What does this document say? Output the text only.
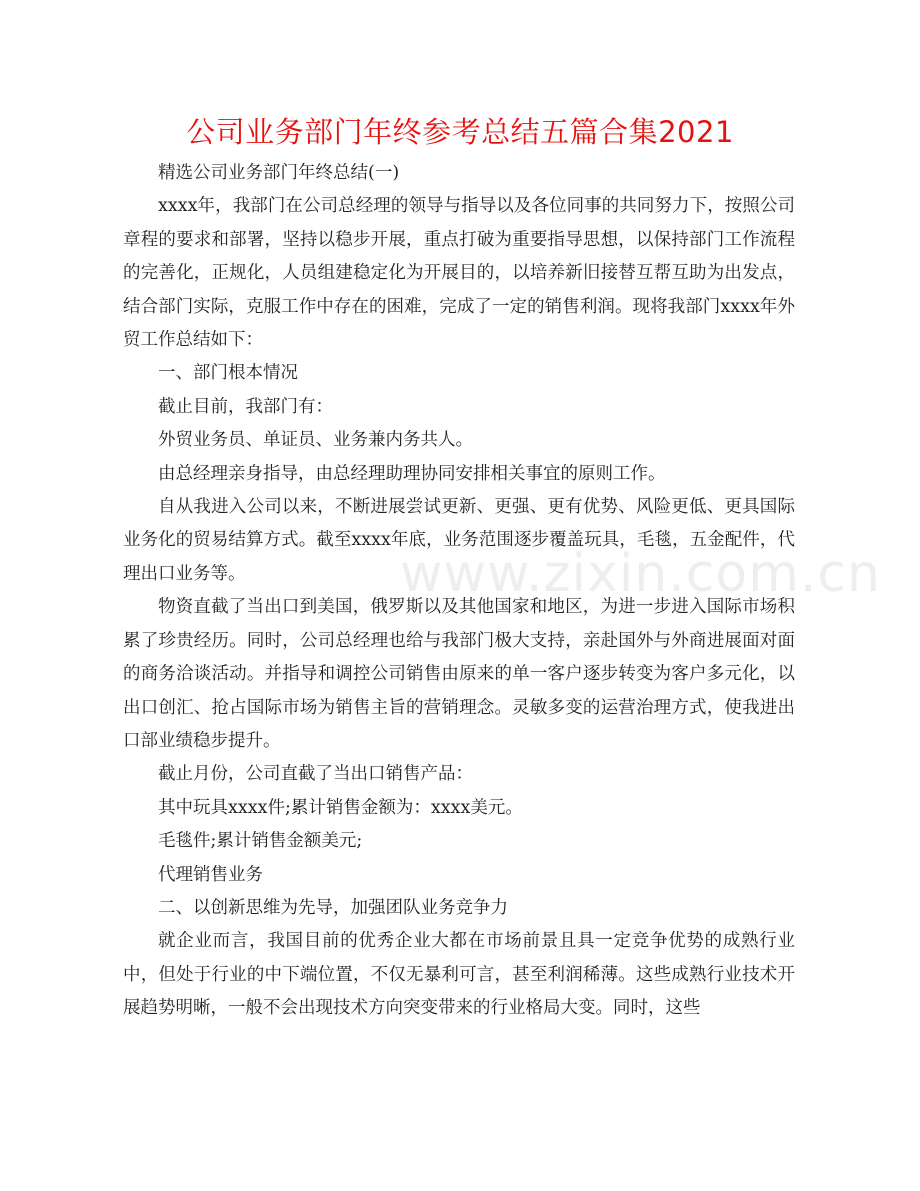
公司业务部门年终参考总结五篇合集2021

精选公司业务部门年终总结(一)

xxxx年，我部门在公司总经理的领导与指导以及各位同事的共同努力下，按照公司章程的要求和部署，坚持以稳步开展，重点打破为重要指导思想，以保持部门工作流程的完善化，正规化，人员组建稳定化为开展目的，以培养新旧接替互帮互助为出发点，结合部门实际，克服工作中存在的困难，完成了一定的销售利润。现将我部门xxxx年外贸工作总结如下：

一、部门根本情况

截止目前，我部门有：

外贸业务员、单证员、业务兼内务共人。

由总经理亲身指导，由总经理助理协同安排相关事宜的原则工作。

自从我进入公司以来，不断进展尝试更新、更强、更有优势、风险更低、更具国际业务化的贸易结算方式。截至xxxx年底，业务范围逐步覆盖玩具，毛毯，五金配件，代理出口业务等。

物资直截了当出口到美国，俄罗斯以及其他国家和地区，为进一步进入国际市场积累了珍贵经历。同时，公司总经理也给与我部门极大支持，亲赴国外与外商进展面对面的商务洽谈活动。并指导和调控公司销售由原来的单一客户逐步转变为客户多元化，以出口创汇、抢占国际市场为销售主旨的营销理念。灵敏多变的运营治理方式，使我进出口部业绩稳步提升。

截止月份，公司直截了当出口销售产品：

其中玩具xxxx件;累计销售金额为：xxxx美元。

毛毯件;累计销售金额美元;

代理销售业务

二、以创新思维为先导，加强团队业务竞争力

就企业而言，我国目前的优秀企业大都在市场前景且具一定竞争优势的成熟行业中，但处于行业的中下端位置，不仅无暴利可言，甚至利润稀薄。这些成熟行业技术开展趋势明晰，一般不会出现技术方向突变带来的行业格局大变。同时，这些

www.zixin.com.cn
